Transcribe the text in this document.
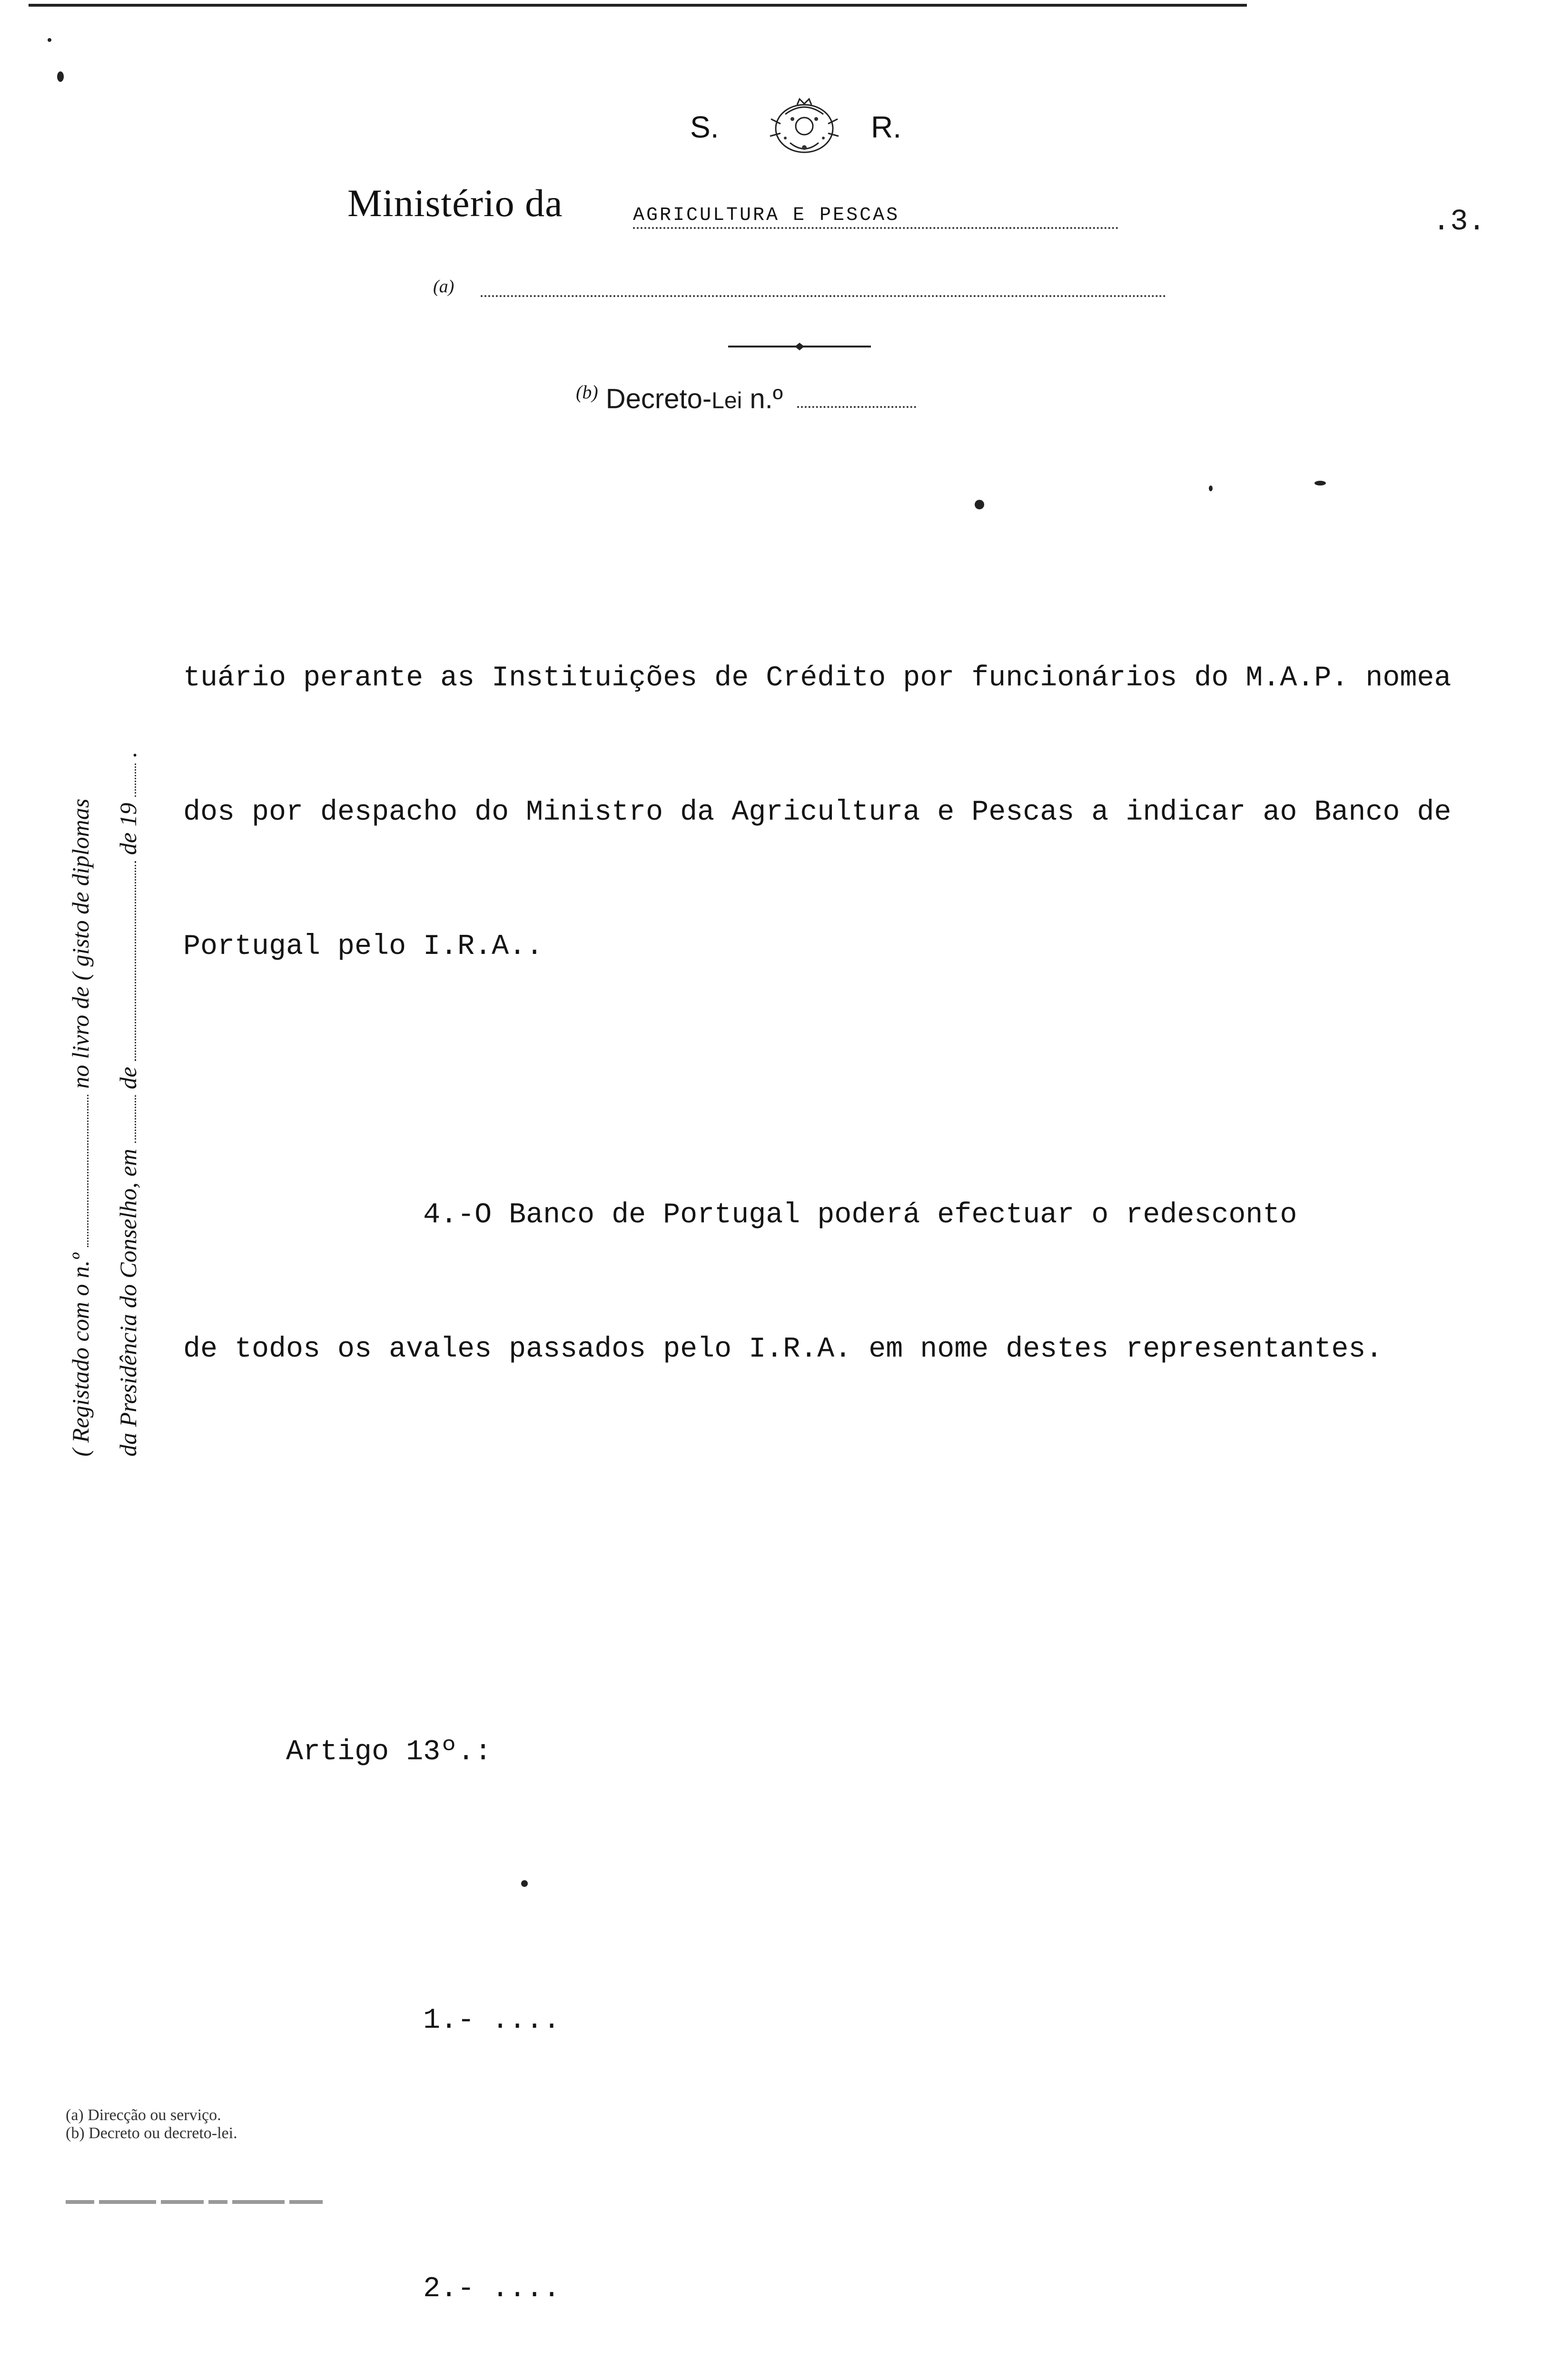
S.	R.
Ministério da	AGRICULTURA E PESCAS	.3.
(a)
$^{(b)}$ Decreto-Lei n.º
( Registado com o n.º  no livro de ( gisto de diplomas
da Presidência do Conselho, em  de  de 19  .

tuário perante as Instituições de Crédito por funcionários do M.A.P. nomea

dos por despacho do Ministro da Agricultura e Pescas a indicar ao Banco de

Portugal pelo I.R.A..

4.-O Banco de Portugal poderá efectuar o redesconto

de todos os avales passados pelo I.R.A. em nome destes representantes.

Artigo 13º.:

1.- ....

2.- ....

(a) Direcção ou serviço.
(b) Decreto ou decreto-lei.
